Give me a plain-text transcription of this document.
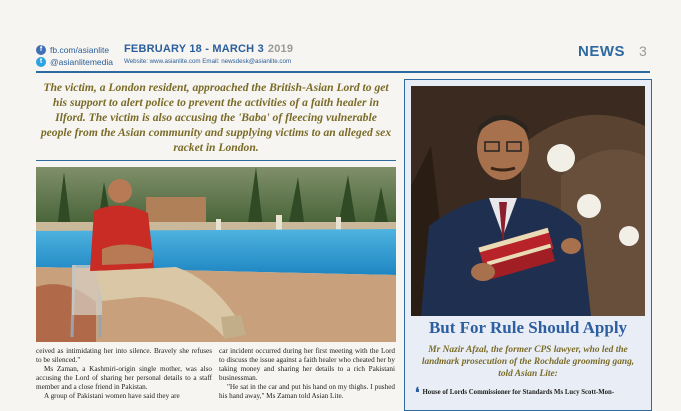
f fb.com/asianlite
t @asianlitemedia
FEBRUARY 18 - MARCH 3 2019
Website: www.asianlite.com Email: newsdesk@asianlite.com
NEWS 3
The victim, a London resident, approached the British-Asian Lord to get his support to alert police to prevent the activities of a faith healer in Ilford. The victim is also accusing the 'Baba' of fleecing vulnerable people from the Asian community and supplying victims to an alleged sex racket in London.

ceived as intimidating her into silence. Bravely she refuses to be silenced."

Ms Zaman, a Kashmiri-origin single mother, was also accusing the Lord of sharing her personal details to a staff member and a close friend in Pakistan.

A group of Pakistani women have said they are

car incident occurred during her first meeting with the Lord to discuss the issue against a faith healer who cheated her by taking money and sharing her details to a rich Pakistani businessman.

"He sat in the car and put his hand on my thighs. I pushed his hand away," Ms Zaman told Asian Lite.

But For Rule Should Apply
Mr Nazir Afzal, the former CPS lawyer, who led the landmark prosecution of the Rochdale grooming gang, told Asian Lite:
❛ House of Lords Commissioner for Standards Ms Lucy Scott-Mon-
